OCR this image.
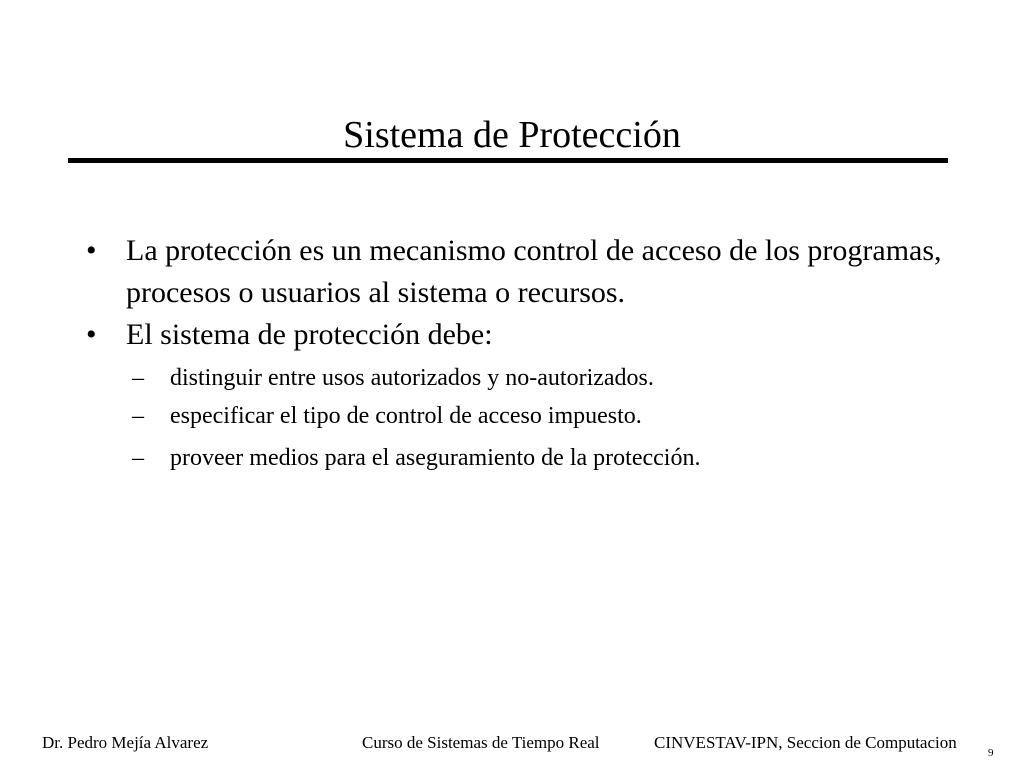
Sistema de Protección
• La protección es un mecanismo control de acceso de los programas, procesos o usuarios al sistema o recursos.
• El sistema de protección debe:
– distinguir entre usos autorizados y no-autorizados.
– especificar el tipo de control de acceso impuesto.
– proveer medios para el aseguramiento de la protección.
Dr. Pedro Mejía Alvarez	Curso de Sistemas de Tiempo Real	CINVESTAV-IPN, Seccion de Computacion
9
